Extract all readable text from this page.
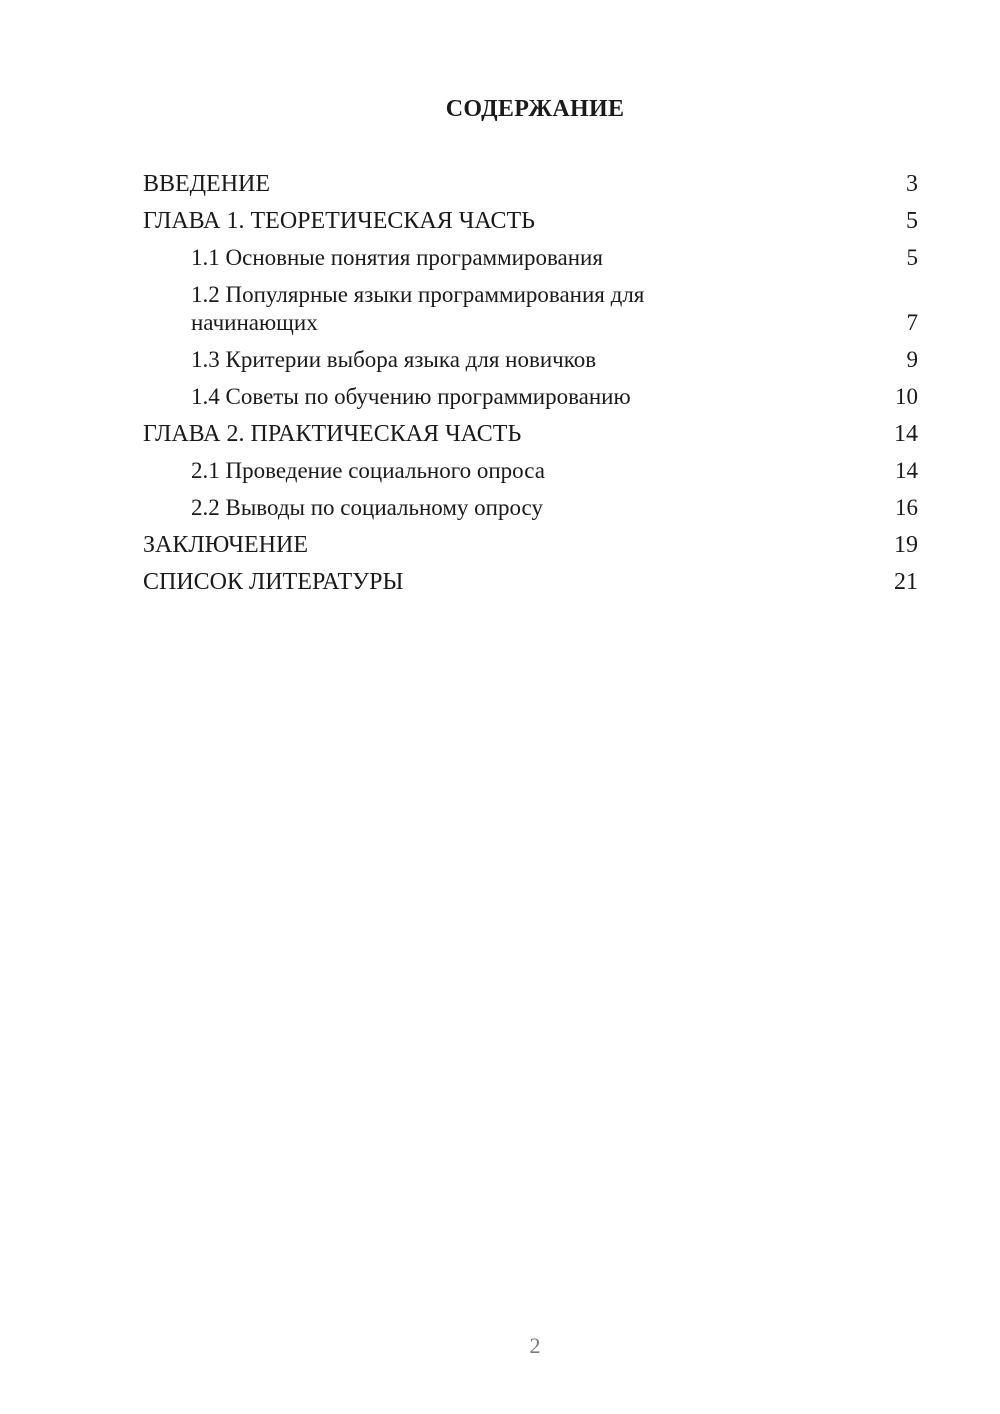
СОДЕРЖАНИЕ
ВВЕДЕНИЕ	3
ГЛАВА 1. ТЕОРЕТИЧЕСКАЯ ЧАСТЬ	5
1.1 Основные понятия программирования	5
1.2 Популярные языки программирования для начинающих	7
1.3 Критерии выбора языка для новичков	9
1.4 Советы по обучению программированию	10
ГЛАВА 2. ПРАКТИЧЕСКАЯ ЧАСТЬ	14
2.1 Проведение социального опроса	14
2.2 Выводы по социальному опросу	16
ЗАКЛЮЧЕНИЕ	19
СПИСОК ЛИТЕРАТУРЫ	21
2
